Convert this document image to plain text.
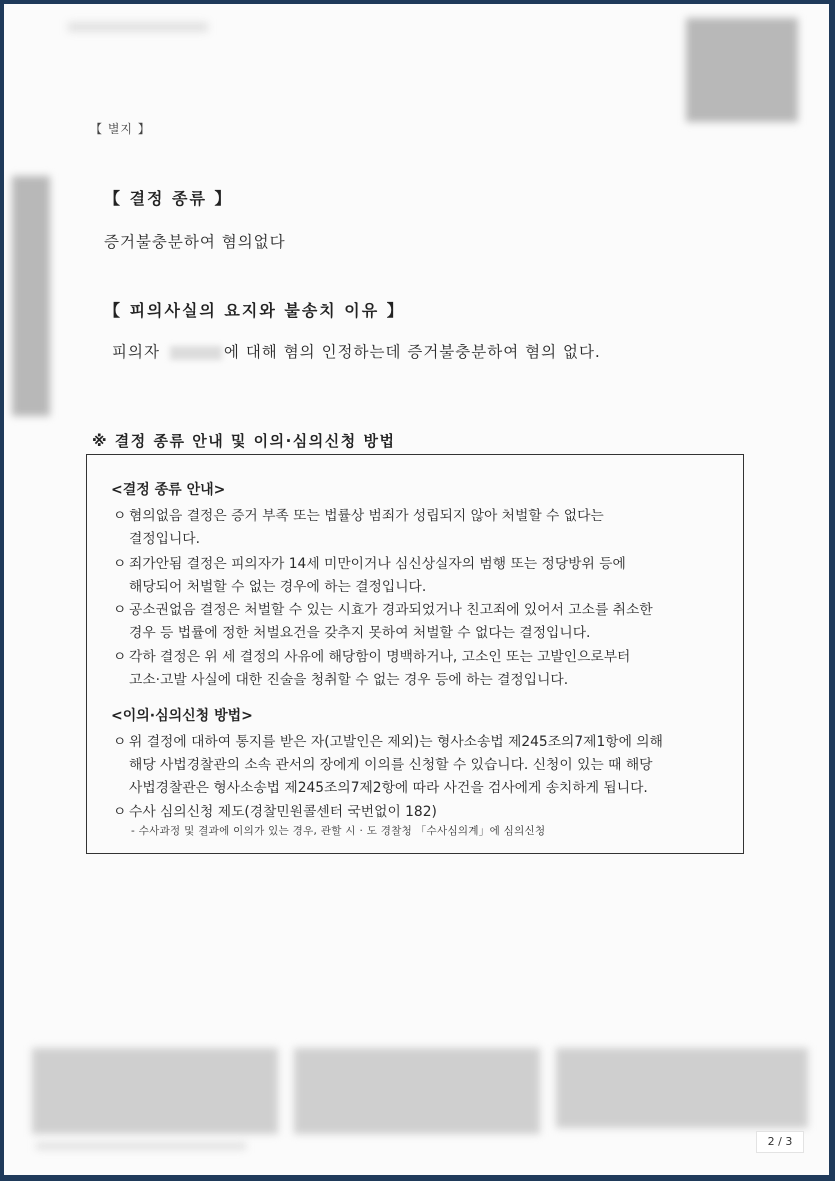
【 별지 】
【 결정 종류 】
증거불충분하여 혐의없다
【 피의사실의 요지와 불송치 이유 】
피의자	에 대해 혐의 인정하는데 증거불충분하여 혐의 없다.
※ 결정 종류 안내 및 이의·심의신청 방법
<결정 종류 안내>
ㅇ 혐의없음 결정은 증거 부족 또는 법률상 범죄가 성립되지 않아 처벌할 수 없다는
결정입니다.
ㅇ 죄가안됨 결정은 피의자가 14세 미만이거나 심신상실자의 범행 또는 정당방위 등에
해당되어 처벌할 수 없는 경우에 하는 결정입니다.
ㅇ 공소권없음 결정은 처벌할 수 있는 시효가 경과되었거나 친고죄에 있어서 고소를 취소한
경우 등 법률에 정한 처벌요건을 갖추지 못하여 처벌할 수 없다는 결정입니다.
ㅇ 각하 결정은 위 세 결정의 사유에 해당함이 명백하거나, 고소인 또는 고발인으로부터
고소·고발 사실에 대한 진술을 청취할 수 없는 경우 등에 하는 결정입니다.
<이의·심의신청 방법>
ㅇ 위 결정에 대하여 통지를 받은 자(고발인은 제외)는 형사소송법 제245조의7제1항에 의해
해당 사법경찰관의 소속 관서의 장에게 이의를 신청할 수 있습니다. 신청이 있는 때 해당
사법경찰관은 형사소송법 제245조의7제2항에 따라 사건을 검사에게 송치하게 됩니다.
ㅇ 수사 심의신청 제도(경찰민원콜센터 국번없이 182)
- 수사과정 및 결과에 이의가 있는 경우, 관할 시 · 도 경찰청 「수사심의계」에 심의신청
2 / 3
